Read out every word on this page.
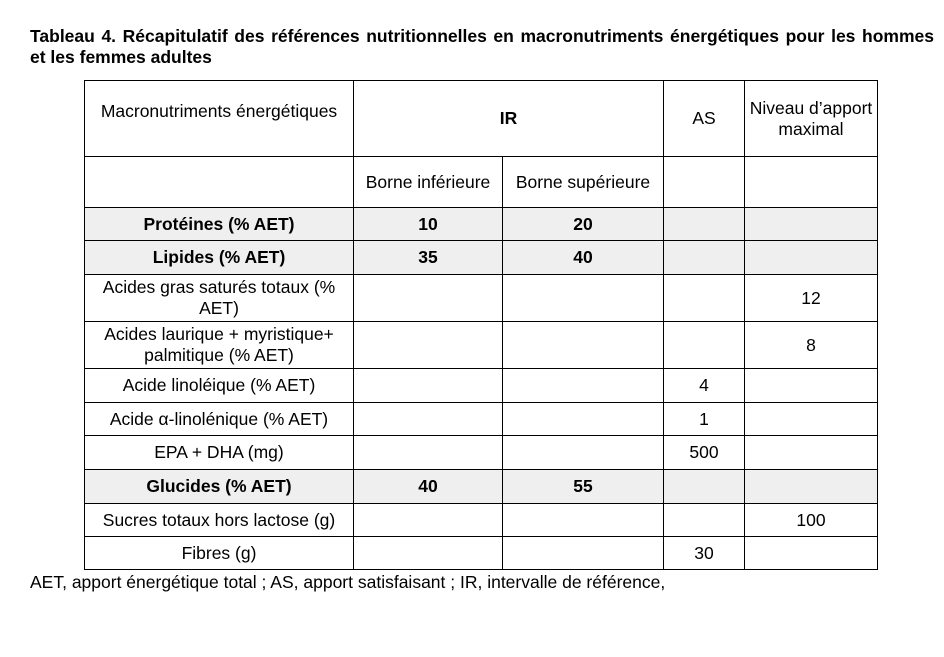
Tableau 4. Récapitulatif des références nutritionnelles en macronutriments énergétiques pour les hommes et les femmes adultes

Macronutriments énergétiques	IR		AS	Niveau d’apport maximal
	Borne inférieure	Borne supérieure		
Protéines (% AET)	10	20		
Lipides (% AET)	35	40		
Acides gras saturés totaux (% AET)				12
Acides laurique + myristique+ palmitique (% AET)				8
Acide linoléique (% AET)			4	
Acide α-linolénique (% AET)			1	
EPA + DHA (mg)			500	
Glucides (% AET)	40	55		
Sucres totaux hors lactose (g)				100
Fibres (g)			30	

AET, apport énergétique total ; AS, apport satisfaisant ; IR, intervalle de référence,
